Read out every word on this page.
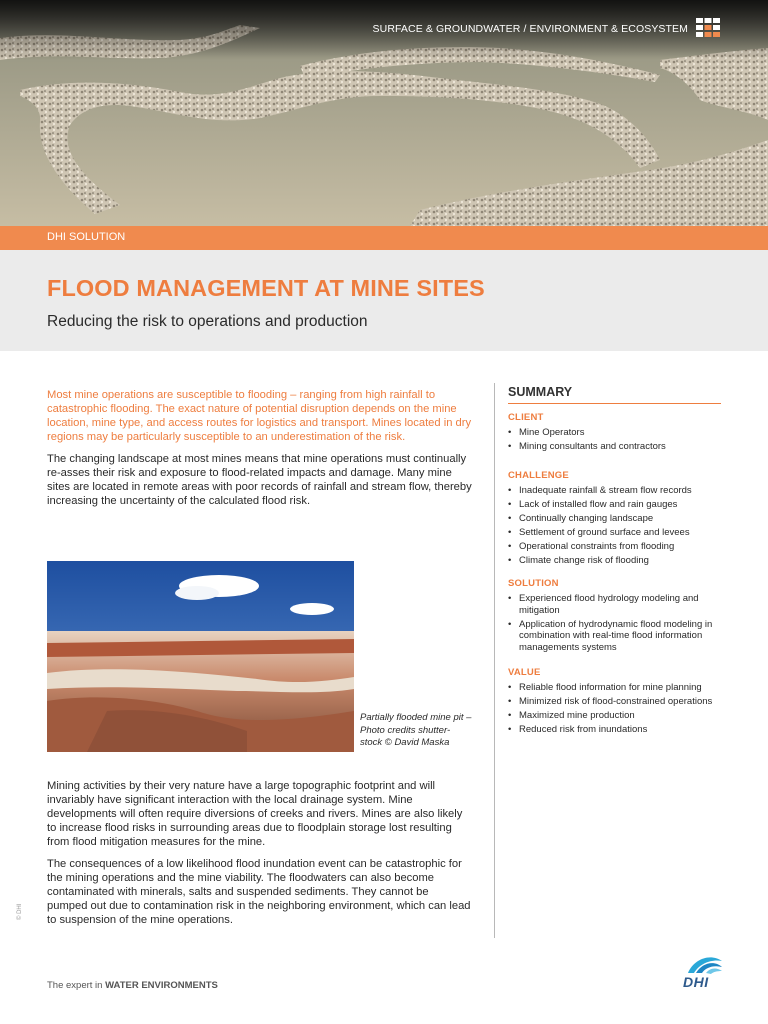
SURFACE & GROUNDWATER / ENVIRONMENT & ECOSYSTEM
DHI SOLUTION
FLOOD MANAGEMENT AT MINE SITES
Reducing the risk to operations and production

Most mine operations are susceptible to flooding – ranging from high rainfall to catastrophic flooding. The exact nature of potential disruption depends on the mine location, mine type, and access routes for logistics and transport. Mines located in dry regions may be particularly susceptible to an underestimation of the risk.

The changing landscape at most mines means that mine operations must continually re-asses their risk and exposure to flood-related impacts and damage. Many mine sites are located in remote areas with poor records of rainfall and stream flow, thereby increasing the uncertainty of the calculated flood risk.

Partially flooded mine pit – Photo credits shutter-stock © David Maska

Mining activities by their very nature have a large topographic footprint and will invariably have significant interaction with the local drainage system. Mine developments will often require diversions of creeks and rivers. Mines are also likely to increase flood risks in surrounding areas due to floodplain storage lost resulting from flood mitigation measures for the mine.

The consequences of a low likelihood flood inundation event can be catastrophic for the mining operations and the mine viability. The floodwaters can also become contaminated with minerals, salts and suspended sediments. They cannot be pumped out due to contamination risk in the neighboring environment, which can lead to suspension of the mine operations.

SUMMARY
CLIENT
• Mine Operators
• Mining consultants and contractors
CHALLENGE
• Inadequate rainfall & stream flow records
• Lack of installed flow and rain gauges
• Continually changing landscape
• Settlement of ground surface and levees
• Operational constraints from flooding
• Climate change risk of flooding
SOLUTION
• Experienced flood hydrology modeling and mitigation
• Application of hydrodynamic flood modeling in combination with real-time flood information managements systems
VALUE
• Reliable flood information for mine planning
• Minimized risk of flood-constrained operations
• Maximized mine production
• Reduced risk from inundations
© DHI
The expert in WATER ENVIRONMENTS	DHI
